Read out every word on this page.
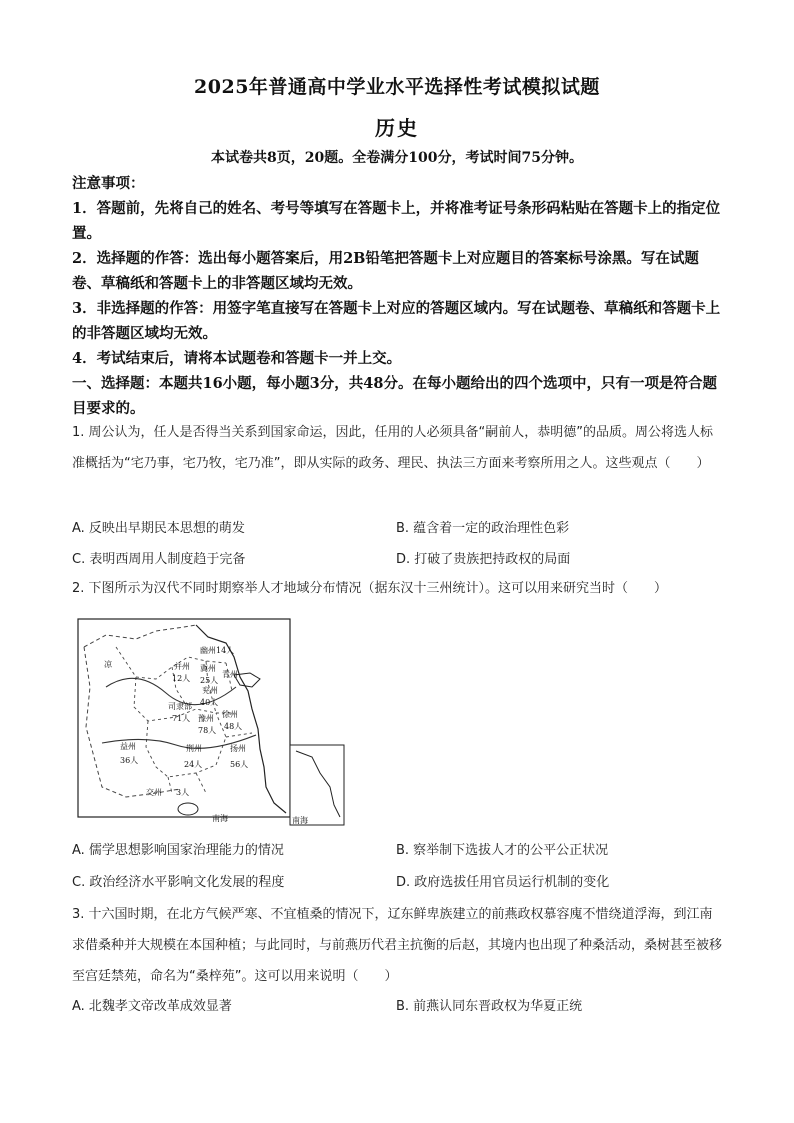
2025年普通高中学业水平选择性考试模拟试题
历史
本试卷共8页，20题。全卷满分100分，考试时间75分钟。
注意事项：
1．答题前，先将自己的姓名、考号等填写在答题卡上，并将准考证号条形码粘贴在答题卡上的指定位置。
2．选择题的作答：选出每小题答案后，用2B铅笔把答题卡上对应题目的答案标号涂黑。写在试题卷、草稿纸和答题卡上的非答题区域均无效。
3．非选择题的作答：用签字笔直接写在答题卡上对应的答题区域内。写在试题卷、草稿纸和答题卡上的非答题区域均无效。
4．考试结束后，请将本试题卷和答题卡一并上交。
一、选择题：本题共16小题，每小题3分，共48分。在每小题给出的四个选项中，只有一项是符合题目要求的。
1. 周公认为，任人是否得当关系到国家命运，因此，任用的人必须具备“嗣前人，恭明德”的品质。周公将选人标准概括为“宅乃事，宅乃牧，宅乃准”，即从实际的政务、理民、执法三方面来考察所用之人。这些观点（　　）
A. 反映出早期民本思想的萌发	B. 蕴含着一定的政治理性色彩
C. 表明西周用人制度趋于完备	D. 打破了贵族把持政权的局面
2. 下图所示为汉代不同时期察举人才地域分布情况（据东汉十三州统计）。这可以用来研究当时（　　）
凉	并州
12人
冀州
25人
幽州14人
青州
兖州
40人
司隶部
71人 豫州
78人
徐州
48人
益州
36人
荆州
24人
扬州
56人
交州 3人
南海	南海
A. 儒学思想影响国家治理能力的情况	B. 察举制下选拔人才的公平公正状况
C. 政治经济水平影响文化发展的程度	D. 政府选拔任用官员运行机制的变化
3. 十六国时期，在北方气候严寒、不宜植桑的情况下，辽东鲜卑族建立的前燕政权慕容廆不惜绕道浮海，到江南求借桑种并大规模在本国种植；与此同时，与前燕历代君主抗衡的后赵，其境内也出现了种桑活动，桑树甚至被移至宫廷禁苑，命名为“桑梓苑”。这可以用来说明（　　）
A. 北魏孝文帝改革成效显著	B. 前燕认同东晋政权为华夏正统
